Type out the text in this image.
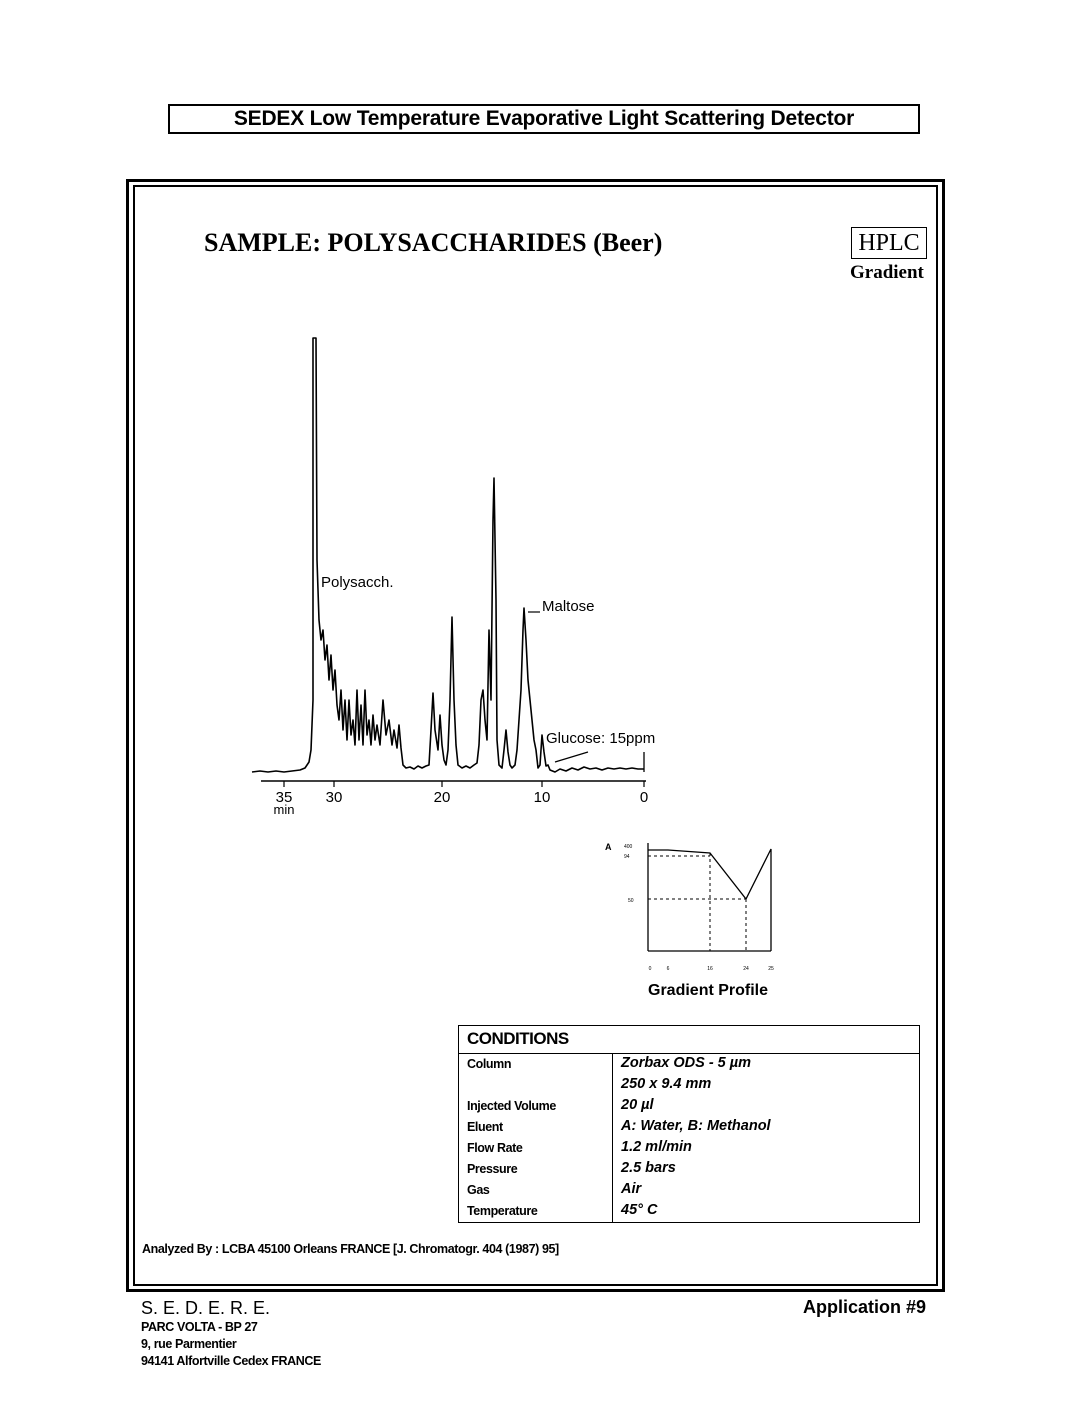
SEDEX Low Temperature Evaporative Light Scattering Detector
SAMPLE: POLYSACCHARIDES (Beer)	HPLC
Gradient
35 30	20	10	0
min
Polysacch.
Maltose
Glucose: 15ppm
A	400
94
50
0	6	16	24	25
Gradient Profile
CONDITIONS
Column	Zorbax ODS - 5 µm
250 x 9.4 mm
Injected Volume	20 µl
Eluent	A: Water, B: Methanol
Flow Rate	1.2 ml/min
Pressure	2.5 bars
Gas	Air
Temperature	45° C
Analyzed By : LCBA 45100 Orleans FRANCE [J. Chromatogr. 404 (1987) 95]
S. E. D. E. R. E.
PARC VOLTA - BP 27
9, rue Parmentier
94141 Alfortville Cedex FRANCE
Application #9
